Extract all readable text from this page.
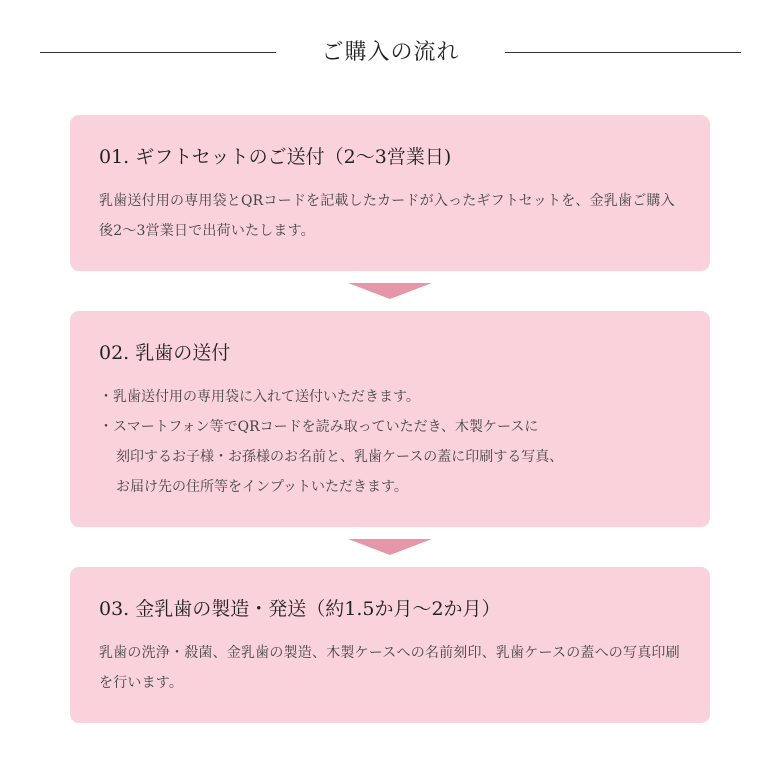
ご購入の流れ
01. ギフトセットのご送付（2〜3営業日)
乳歯送付用の専用袋とQRコードを記載したカードが入ったギフトセットを、金乳歯ご購入後2〜3営業日で出荷いたします。
02. 乳歯の送付
・乳歯送付用の専用袋に入れて送付いただきます。
・スマートフォン等でQRコードを読み取っていただき、木製ケースに
刻印するお子様・お孫様のお名前と、乳歯ケースの蓋に印刷する写真、
お届け先の住所等をインプットいただきます。
03. 金乳歯の製造・発送（約1.5か月〜2か月）
乳歯の洗浄・殺菌、金乳歯の製造、木製ケースへの名前刻印、乳歯ケースの蓋への写真印刷を行います。
